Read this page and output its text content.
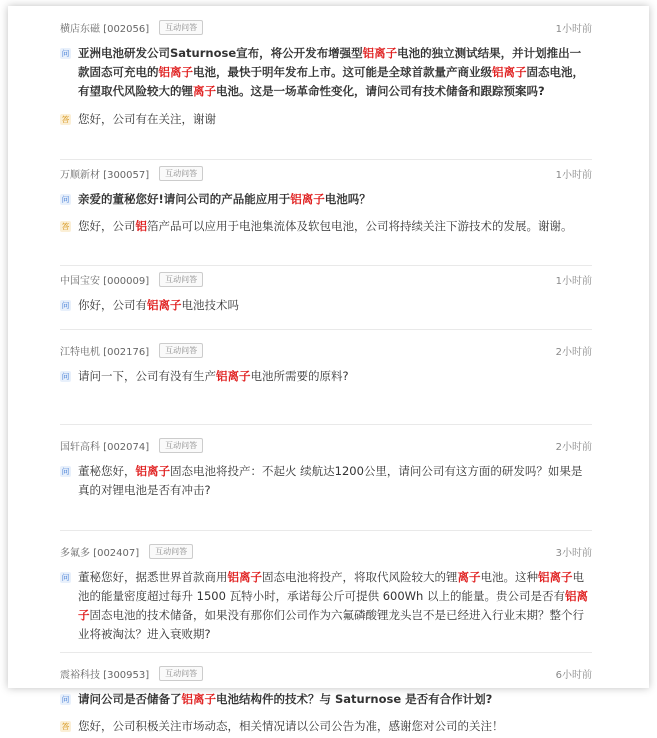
横店东磁 [002056]	互动问答	1小时前
问 亚洲电池研发公司Saturnose宣布，将公开发布增强型铝离子电池的独立测试结果，并计划推出一款固态可充电的铝离子电池，最快于明年发布上市。这可能是全球首款量产商业级铝离子固态电池，有望取代风险较大的锂离子电池。这是一场革命性变化，请问公司有技术储备和跟踪预案吗?
答 您好，公司有在关注，谢谢
万顺新材 [300057]	互动问答	1小时前
问 亲爱的董秘您好!请问公司的产品能应用于铝离子电池吗？
答 您好，公司铝箔产品可以应用于电池集流体及软包电池，公司将持续关注下游技术的发展。谢谢。
中国宝安 [000009]	互动问答	1小时前
问 你好，公司有铝离子电池技术吗
江特电机 [002176]	互动问答	2小时前
问 请问一下，公司有没有生产铝离子电池所需要的原料?
国轩高科 [002074]	互动问答	2小时前
问 董秘您好，铝离子固态电池将投产：不起火 续航达1200公里，请问公司有这方面的研发吗？如果是真的对锂电池是否有冲击?
多氟多 [002407]	互动问答	3小时前
问 董秘您好，据悉世界首款商用铝离子固态电池将投产，将取代风险较大的锂离子电池。这种铝离子电池的能量密度超过每升 1500 瓦特小时，承诺每公斤可提供 600Wh 以上的能量。贵公司是否有铝离子固态电池的技术储备，如果没有那你们公司作为六氟磷酸锂龙头岂不是已经进入行业末期？整个行业将被淘汰？进入衰败期?
震裕科技 [300953]	互动问答	6小时前
问 请问公司是否储备了铝离子电池结构件的技术？与 Saturnose 是否有合作计划?
答 您好，公司积极关注市场动态，相关情况请以公司公告为准，感谢您对公司的关注！
